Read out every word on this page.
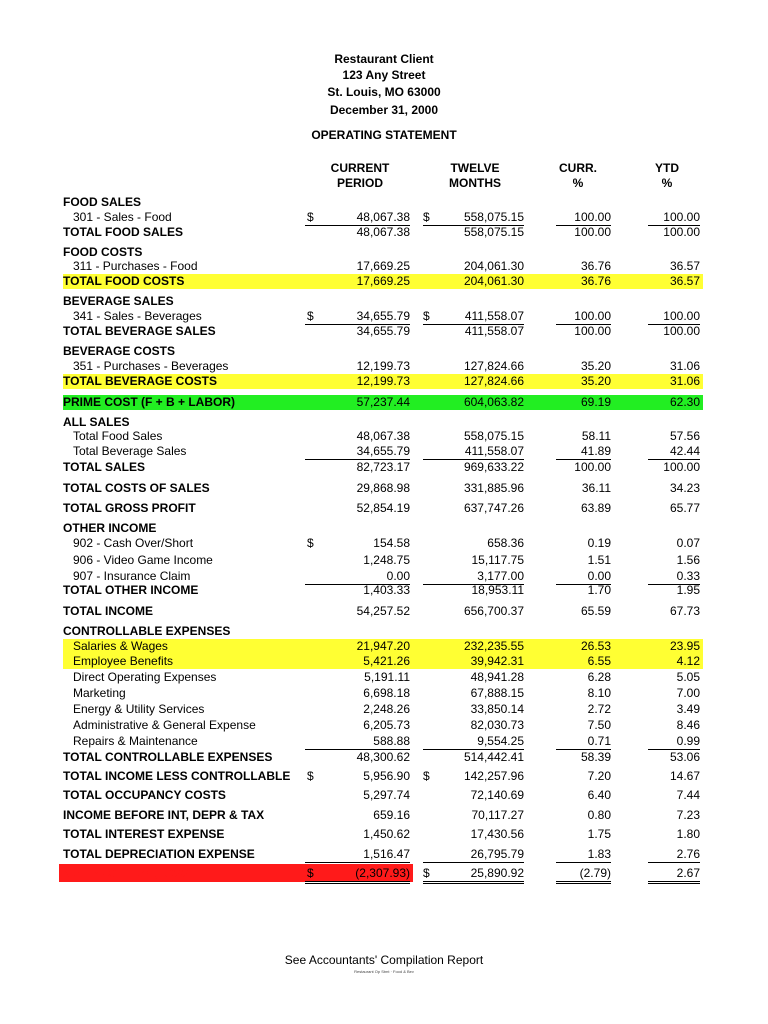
Restaurant Client
123 Any Street
St. Louis, MO 63000
December 31, 2000
OPERATING STATEMENT
CURRENT
PERIOD
TWELVE
MONTHS
CURR.
%
YTD
%
FOOD SALES
301 - Sales - Food	$	48,067.38 $	558,075.15	100.00	100.00
TOTAL FOOD SALES	48,067.38	558,075.15	100.00	100.00
FOOD COSTS
311 - Purchases - Food	17,669.25	204,061.30	36.76	36.57
TOTAL FOOD COSTS	17,669.25	204,061.30	36.76	36.57
BEVERAGE SALES
341 - Sales - Beverages	$	34,655.79 $	411,558.07	100.00	100.00
TOTAL BEVERAGE SALES	34,655.79	411,558.07	100.00	100.00
BEVERAGE COSTS
351 - Purchases - Beverages	12,199.73	127,824.66	35.20	31.06
TOTAL BEVERAGE COSTS	12,199.73	127,824.66	35.20	31.06
PRIME COST (F + B + LABOR)	57,237.44	604,063.82	69.19	62.30
ALL SALES
Total Food Sales	48,067.38	558,075.15	58.11	57.56
Total Beverage Sales	34,655.79	411,558.07	41.89	42.44
TOTAL SALES	82,723.17	969,633.22	100.00	100.00
TOTAL COSTS OF SALES	29,868.98	331,885.96	36.11	34.23
TOTAL GROSS PROFIT	52,854.19	637,747.26	63.89	65.77
OTHER INCOME
902 - Cash Over/Short	$	154.58	658.36	0.19	0.07
906 - Video Game Income	1,248.75	15,117.75	1.51	1.56
907 - Insurance Claim	0.00	3,177.00	0.00	0.33
TOTAL OTHER INCOME	1,403.33	18,953.11	1.70	1.95
TOTAL INCOME	54,257.52	656,700.37	65.59	67.73
CONTROLLABLE EXPENSES
Salaries & Wages	21,947.20	232,235.55	26.53	23.95
Employee Benefits	5,421.26	39,942.31	6.55	4.12
Direct Operating Expenses	5,191.11	48,941.28	6.28	5.05
Marketing	6,698.18	67,888.15	8.10	7.00
Energy & Utility Services	2,248.26	33,850.14	2.72	3.49
Administrative & General Expense	6,205.73	82,030.73	7.50	8.46
Repairs & Maintenance	588.88	9,554.25	0.71	0.99
TOTAL CONTROLLABLE EXPENSES	48,300.62	514,442.41	58.39	53.06
TOTAL INCOME LESS CONTROLLABLE $	5,956.90 $	142,257.96	7.20	14.67
TOTAL OCCUPANCY COSTS	5,297.74	72,140.69	6.40	7.44
INCOME BEFORE INT, DEPR & TAX	659.16	70,117.27	0.80	7.23
TOTAL INTEREST EXPENSE	1,450.62	17,430.56	1.75	1.80
TOTAL DEPRECIATION EXPENSE	1,516.47	26,795.79	1.83	2.76
NET PROFIT or (LOSS)	$	(2,307.93) $	25,890.92	(2.79)	2.67
See Accountants' Compilation Report
Restaurant Op Stmt · Food & Bev
